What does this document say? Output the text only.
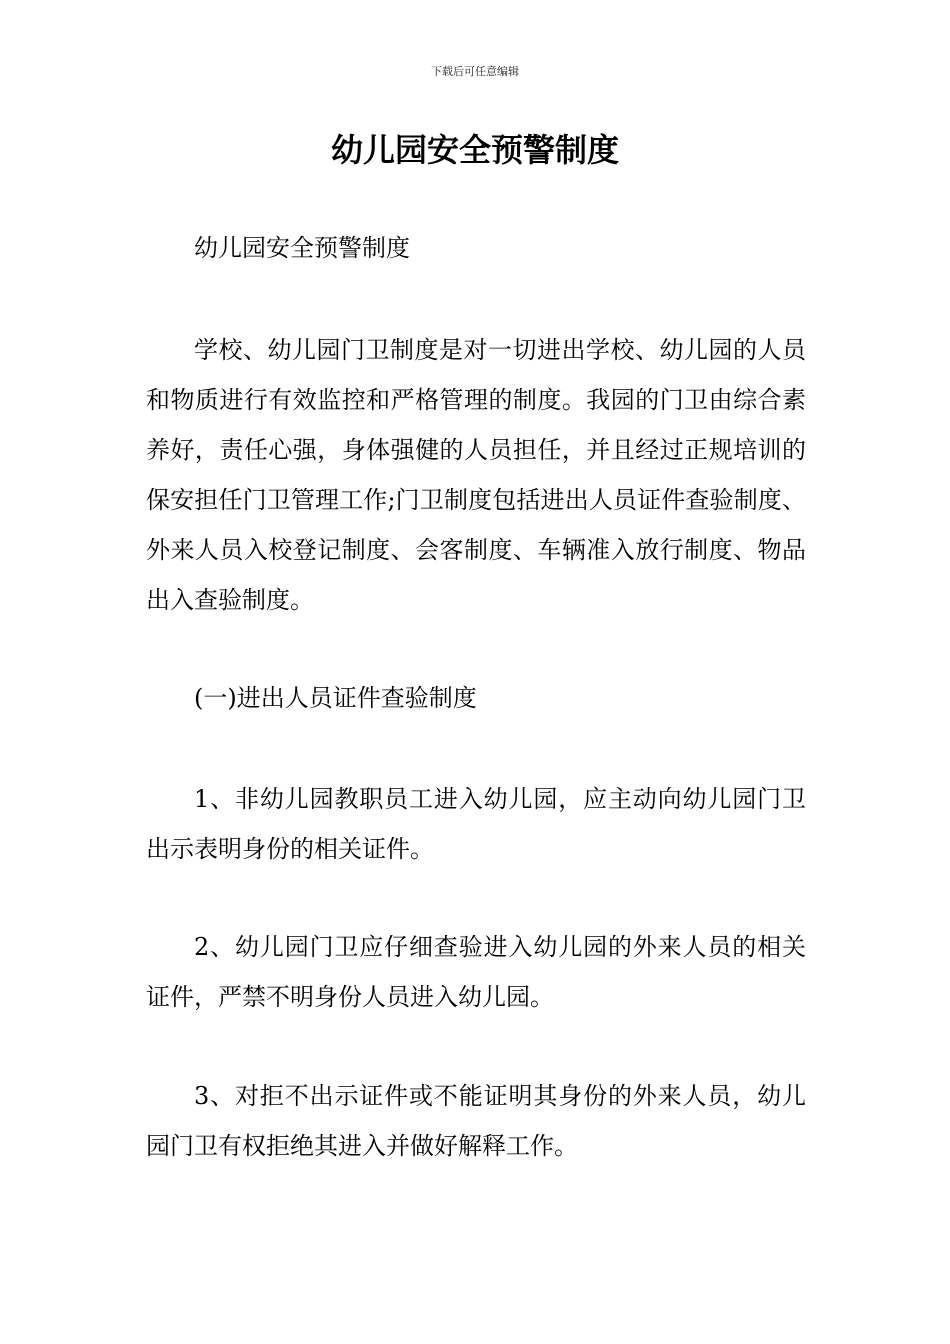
下载后可任意编辑
幼儿园安全预警制度

幼儿园安全预警制度

学校、幼儿园门卫制度是对一切进出学校、幼儿园的人员和物质进行有效监控和严格管理的制度。我园的门卫由综合素养好，责任心强，身体强健的人员担任，并且经过正规培训的保安担任门卫管理工作;门卫制度包括进出人员证件查验制度、外来人员入校登记制度、会客制度、车辆准入放行制度、物品出入查验制度。

(一)进出人员证件查验制度

1、非幼儿园教职员工进入幼儿园，应主动向幼儿园门卫出示表明身份的相关证件。

2、幼儿园门卫应仔细查验进入幼儿园的外来人员的相关证件，严禁不明身份人员进入幼儿园。

3、对拒不出示证件或不能证明其身份的外来人员，幼儿园门卫有权拒绝其进入并做好解释工作。
